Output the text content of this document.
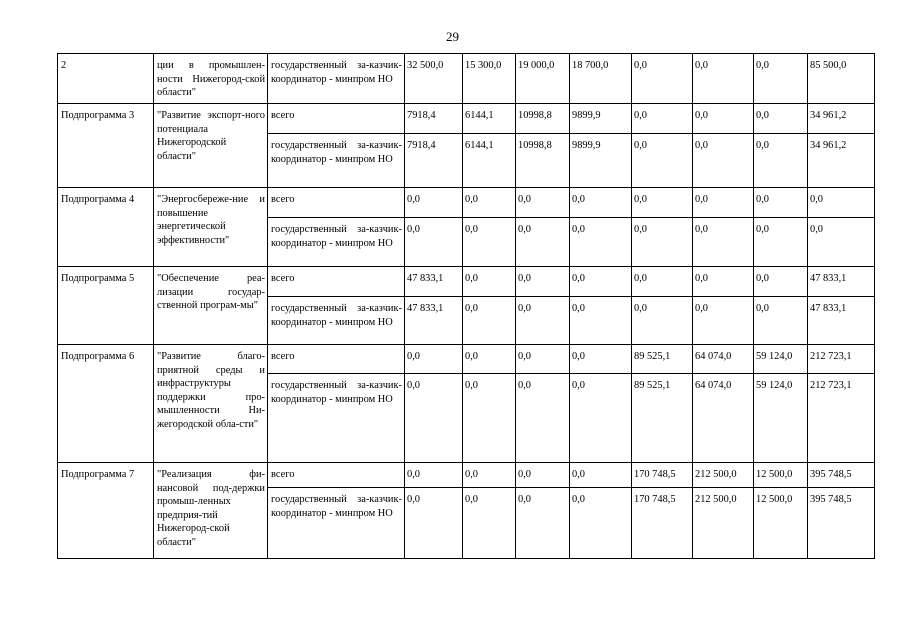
29
2	ции в промышлен-ности Нижегород-ской области"	государственный за-казчик-координатор - минпром НО	32 500,0	15 300,0	19 000,0	18 700,0	0,0	0,0	0,0	85 500,0
Подпрограмма 3	"Развитие экспорт-ного потенциала Нижегородской области"	всего	7918,4	6144,1	10998,8	9899,9	0,0	0,0	0,0	34 961,2
		государственный за-казчик-координатор - минпром НО	7918,4	6144,1	10998,8	9899,9	0,0	0,0	0,0	34 961,2
Подпрограмма 4	"Энергосбереже-ние и повышение энергетической эффективности"	всего	0,0	0,0	0,0	0,0	0,0	0,0	0,0	0,0
		государственный за-казчик-координатор - минпром НО	0,0	0,0	0,0	0,0	0,0	0,0	0,0	0,0
Подпрограмма 5	"Обеспечение реа-лизации государ-ственной програм-мы"	всего	47 833,1	0,0	0,0	0,0	0,0	0,0	0,0	47 833,1
		государственный за-казчик-координатор - минпром НО	47 833,1	0,0	0,0	0,0	0,0	0,0	0,0	47 833,1
Подпрограмма 6	"Развитие благо-приятной среды и инфраструктуры поддержки про-мышленности Ни-жегородской обла-сти"	всего	0,0	0,0	0,0	0,0	89 525,1	64 074,0	59 124,0	212 723,1
		государственный за-казчик-координатор - минпром НО	0,0	0,0	0,0	0,0	89 525,1	64 074,0	59 124,0	212 723,1
Подпрограмма 7	"Реализация фи-нансовой под-держки промыш-ленных предприя-тий Нижегород-ской области"	всего	0,0	0,0	0,0	0,0	170 748,5	212 500,0	12 500,0	395 748,5
		государственный за-казчик-координатор - минпром НО	0,0	0,0	0,0	0,0	170 748,5	212 500,0	12 500,0	395 748,5
